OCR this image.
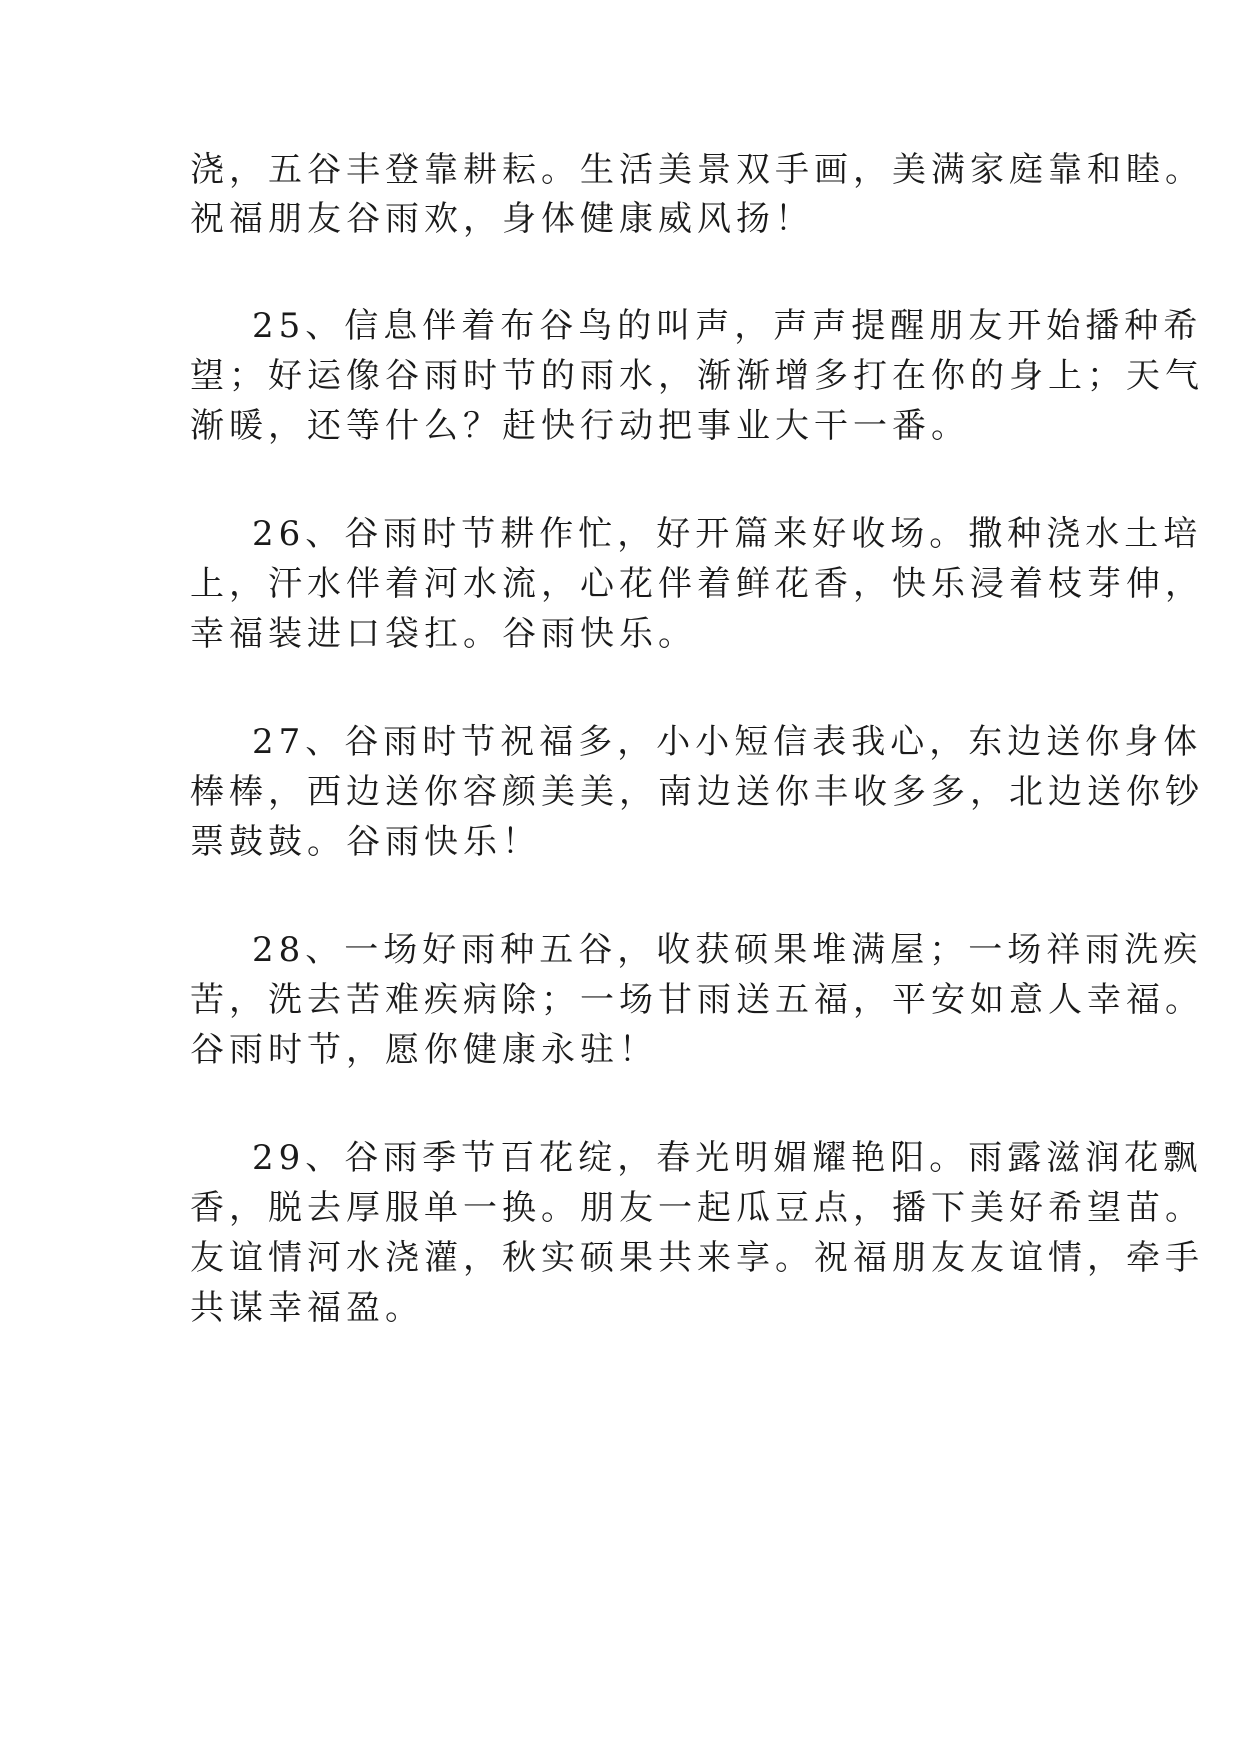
浇，五谷丰登靠耕耘。生活美景双手画，美满家庭靠和睦。
祝福朋友谷雨欢，身体健康威风扬！
25、信息伴着布谷鸟的叫声，声声提醒朋友开始播种希
望；好运像谷雨时节的雨水，渐渐增多打在你的身上；天气
渐暖，还等什么？赶快行动把事业大干一番。
26、谷雨时节耕作忙，好开篇来好收场。撒种浇水土培
上，汗水伴着河水流，心花伴着鲜花香，快乐浸着枝芽伸，
幸福装进口袋扛。谷雨快乐。
27、谷雨时节祝福多，小小短信表我心，东边送你身体
棒棒，西边送你容颜美美，南边送你丰收多多，北边送你钞
票鼓鼓。谷雨快乐！
28、一场好雨种五谷，收获硕果堆满屋；一场祥雨洗疾
苦，洗去苦难疾病除；一场甘雨送五福，平安如意人幸福。
谷雨时节，愿你健康永驻！
29、谷雨季节百花绽，春光明媚耀艳阳。雨露滋润花飘
香，脱去厚服单一换。朋友一起瓜豆点，播下美好希望苗。
友谊情河水浇灌，秋实硕果共来享。祝福朋友友谊情，牵手
共谋幸福盈。
